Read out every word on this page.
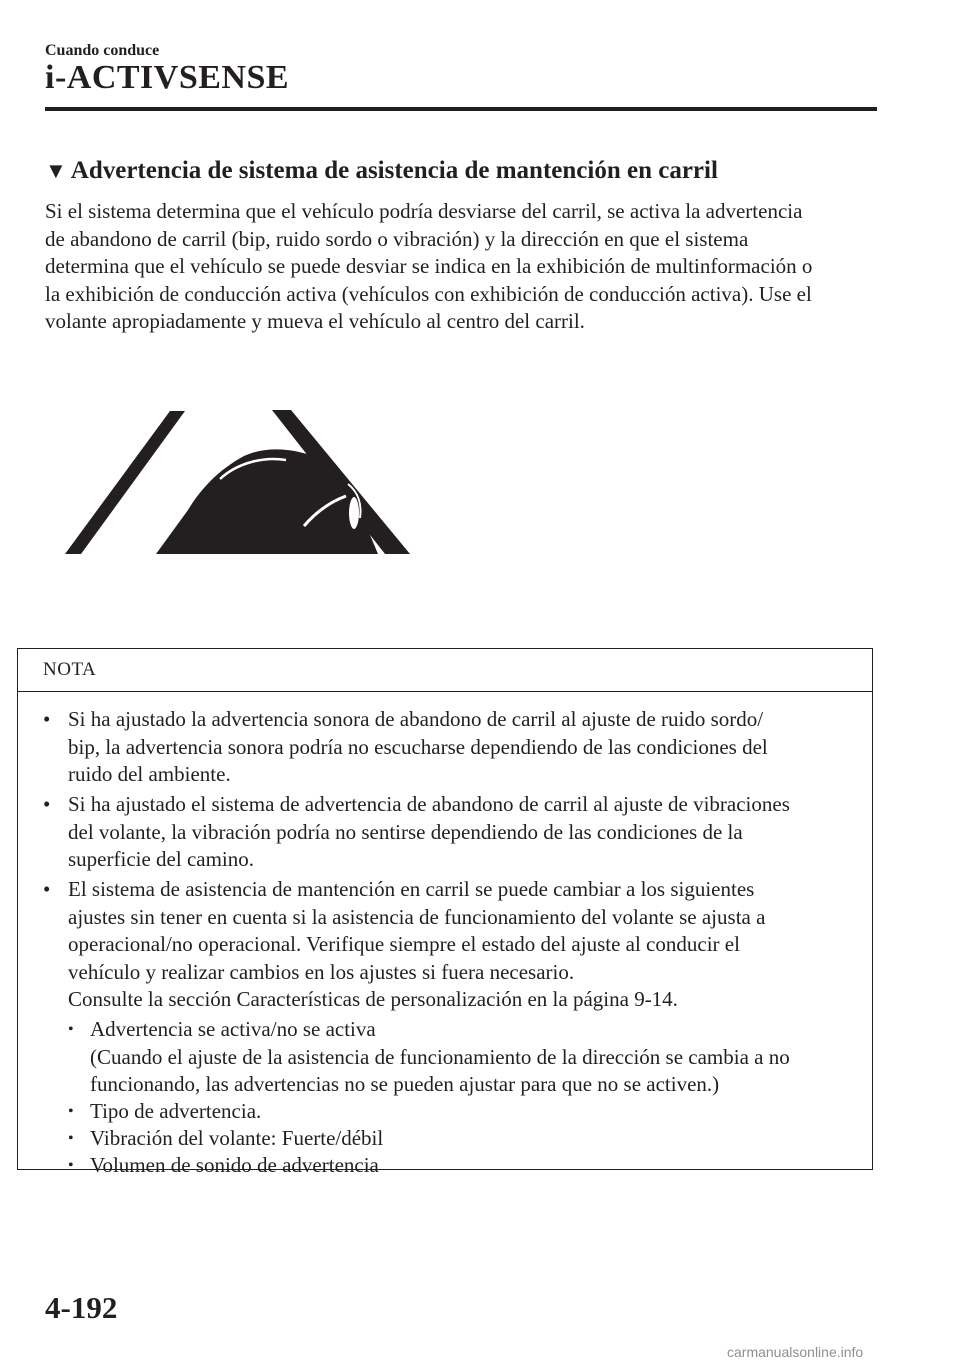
Cuando conduce
i-ACTIVSENSE
▼ Advertencia de sistema de asistencia de mantención en carril
Si el sistema determina que el vehículo podría desviarse del carril, se activa la advertencia
de abandono de carril (bip, ruido sordo o vibración) y la dirección en que el sistema
determina que el vehículo se puede desviar se indica en la exhibición de multinformación o
la exhibición de conducción activa (vehículos con exhibición de conducción activa). Use el
volante apropiadamente y mueva el vehículo al centro del carril.
NOTA
• Si ha ajustado la advertencia sonora de abandono de carril al ajuste de ruido sordo/
bip, la advertencia sonora podría no escucharse dependiendo de las condiciones del
ruido del ambiente.
• Si ha ajustado el sistema de advertencia de abandono de carril al ajuste de vibraciones
del volante, la vibración podría no sentirse dependiendo de las condiciones de la
superficie del camino.
• El sistema de asistencia de mantención en carril se puede cambiar a los siguientes
ajustes sin tener en cuenta si la asistencia de funcionamiento del volante se ajusta a
operacional/no operacional. Verifique siempre el estado del ajuste al conducir el
vehículo y realizar cambios en los ajustes si fuera necesario.
Consulte la sección Características de personalización en la página 9-14.
• Advertencia se activa/no se activa
(Cuando el ajuste de la asistencia de funcionamiento de la dirección se cambia a no
funcionando, las advertencias no se pueden ajustar para que no se activen.)
• Tipo de advertencia.
• Vibración del volante: Fuerte/débil
• Volumen de sonido de advertencia
4-192
carmanualsonline.info
